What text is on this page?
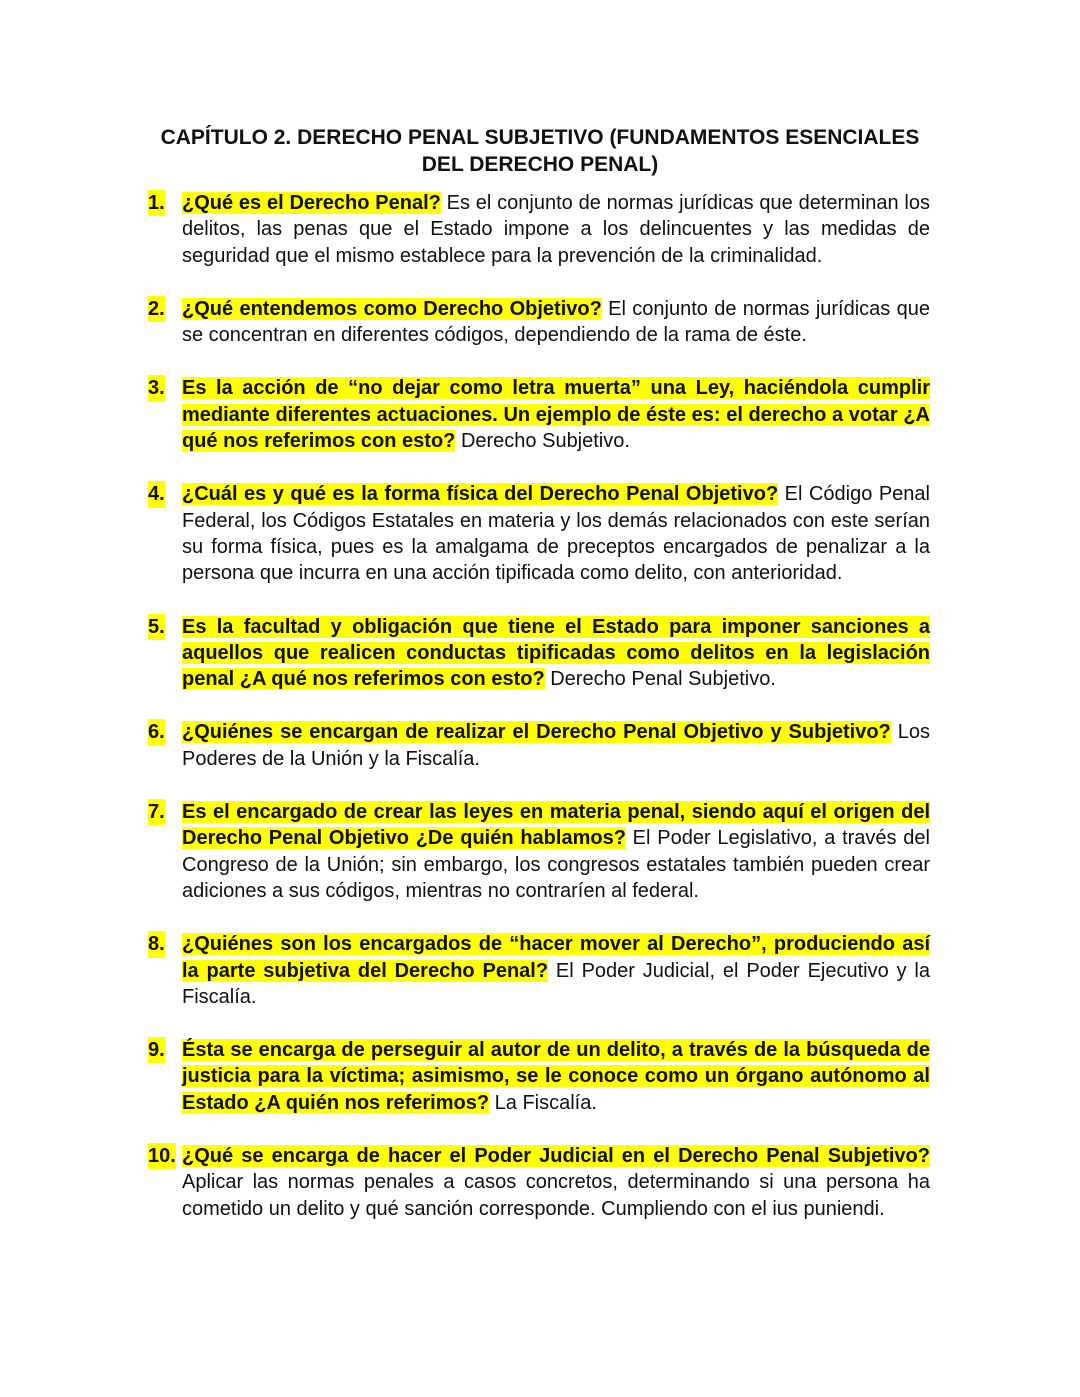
CAPÍTULO 2. DERECHO PENAL SUBJETIVO (FUNDAMENTOS ESENCIALES DEL DERECHO PENAL)
1. ¿Qué es el Derecho Penal? Es el conjunto de normas jurídicas que determinan los delitos, las penas que el Estado impone a los delincuentes y las medidas de seguridad que el mismo establece para la prevención de la criminalidad.
2. ¿Qué entendemos como Derecho Objetivo? El conjunto de normas jurídicas que se concentran en diferentes códigos, dependiendo de la rama de éste.
3. Es la acción de “no dejar como letra muerta” una Ley, haciéndola cumplir mediante diferentes actuaciones. Un ejemplo de éste es: el derecho a votar ¿A qué nos referimos con esto? Derecho Subjetivo.
4. ¿Cuál es y qué es la forma física del Derecho Penal Objetivo? El Código Penal Federal, los Códigos Estatales en materia y los demás relacionados con este serían su forma física, pues es la amalgama de preceptos encargados de penalizar a la persona que incurra en una acción tipificada como delito, con anterioridad.
5. Es la facultad y obligación que tiene el Estado para imponer sanciones a aquellos que realicen conductas tipificadas como delitos en la legislación penal ¿A qué nos referimos con esto? Derecho Penal Subjetivo.
6. ¿Quiénes se encargan de realizar el Derecho Penal Objetivo y Subjetivo? Los Poderes de la Unión y la Fiscalía.
7. Es el encargado de crear las leyes en materia penal, siendo aquí el origen del Derecho Penal Objetivo ¿De quién hablamos? El Poder Legislativo, a través del Congreso de la Unión; sin embargo, los congresos estatales también pueden crear adiciones a sus códigos, mientras no contraríen al federal.
8. ¿Quiénes son los encargados de “hacer mover al Derecho”, produciendo así la parte subjetiva del Derecho Penal? El Poder Judicial, el Poder Ejecutivo y la Fiscalía.
9. Ésta se encarga de perseguir al autor de un delito, a través de la búsqueda de justicia para la víctima; asimismo, se le conoce como un órgano autónomo al Estado ¿A quién nos referimos? La Fiscalía.
10. ¿Qué se encarga de hacer el Poder Judicial en el Derecho Penal Subjetivo? Aplicar las normas penales a casos concretos, determinando si una persona ha cometido un delito y qué sanción corresponde. Cumpliendo con el ius puniendi.
